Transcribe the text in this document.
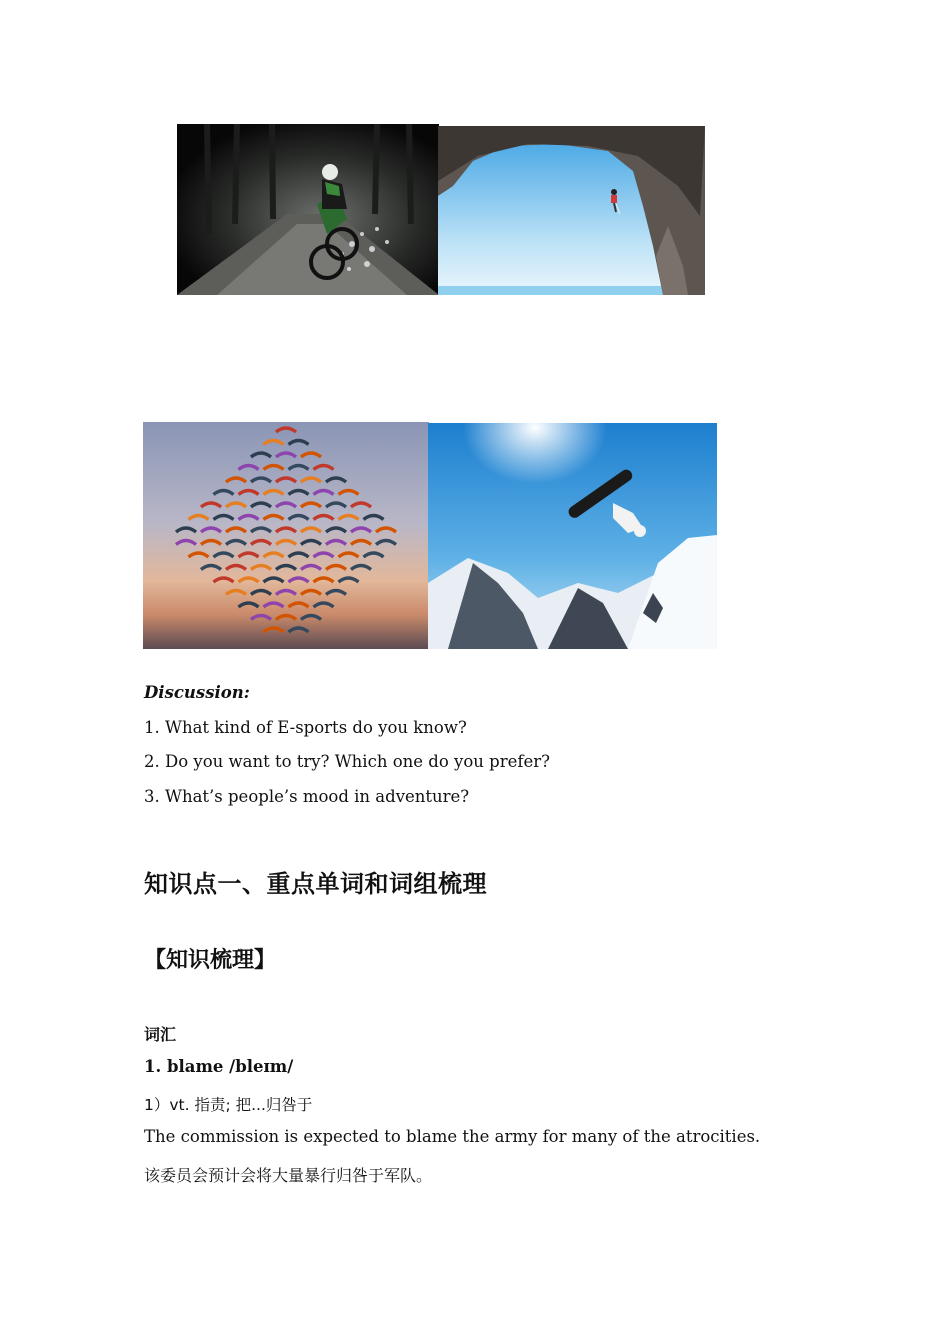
Discussion:
1. What kind of E-sports do you know?
2. Do you want to try? Which one do you prefer?
3. What’s people’s mood in adventure?
知识点一、重点单词和词组梳理
【知识梳理】
词汇
1. blame /bleɪm/
1）vt. 指责; 把...归咎于
The commission is expected to blame the army for many of the atrocities.
该委员会预计会将大量暴行归咎于军队。
